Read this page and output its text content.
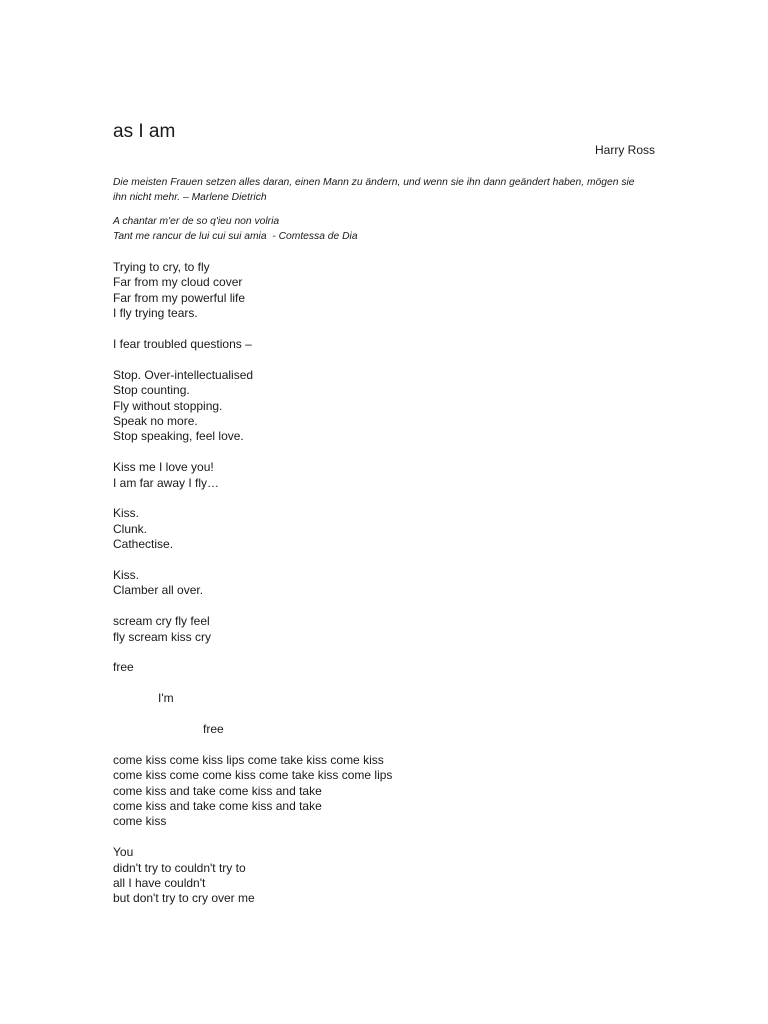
as I am
Harry Ross

Die meisten Frauen setzen alles daran, einen Mann zu ändern, und wenn sie ihn dann geändert haben, mögen sie
ihn nicht mehr. – Marlene Dietrich

A chantar m'er de so q'ieu non volria
Tant me rancur de lui cui sui amia  - Comtessa de Dia

Trying to cry, to fly
Far from my cloud cover
Far from my powerful life
I fly trying tears.
I fear troubled questions –
Stop. Over-intellectualised
Stop counting.
Fly without stopping.
Speak no more.
Stop speaking, feel love.
Kiss me I love you!
I am far away I fly…
Kiss.
Clunk.
Cathectise.
Kiss.
Clamber all over.
scream cry fly feel
fly scream kiss cry
free
I'm
free
come kiss come kiss lips come take kiss come kiss
come kiss come come kiss come take kiss come lips
come kiss and take come kiss and take
come kiss and take come kiss and take
come kiss
You
didn't try to couldn't try to
all I have couldn't
but don't try to cry over me
